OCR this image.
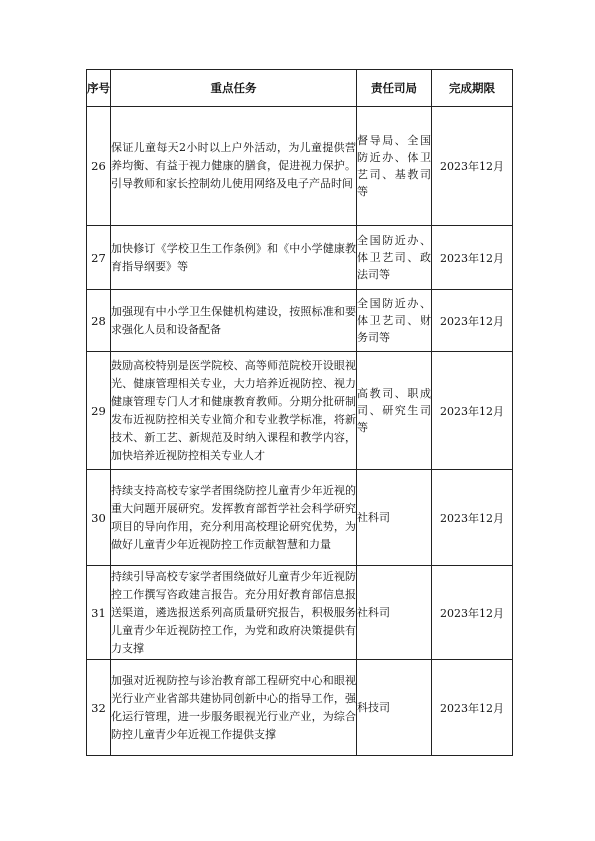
序号	重点任务	责任司局	完成期限
26	保证儿童每天2小时以上户外活动，为儿童提供营养均衡、有益于视力健康的膳食，促进视力保护。引导教师和家长控制幼儿使用网络及电子产品时间	督导局、全国防近办、体卫艺司、基教司等	2023年12月
27	加快修订《学校卫生工作条例》和《中小学健康教育指导纲要》等	全国防近办、体卫艺司、政法司等	2023年12月
28	加强现有中小学卫生保健机构建设，按照标准和要求强化人员和设备配备	全国防近办、体卫艺司、财务司等	2023年12月
29	鼓励高校特别是医学院校、高等师范院校开设眼视光、健康管理相关专业，大力培养近视防控、视力健康管理专门人才和健康教育教师。分期分批研制发布近视防控相关专业简介和专业教学标准，将新技术、新工艺、新规范及时纳入课程和教学内容，加快培养近视防控相关专业人才	高教司、职成司、研究生司等	2023年12月
30	持续支持高校专家学者围绕防控儿童青少年近视的重大问题开展研究。发挥教育部哲学社会科学研究项目的导向作用，充分利用高校理论研究优势，为做好儿童青少年近视防控工作贡献智慧和力量	社科司	2023年12月
31	持续引导高校专家学者围绕做好儿童青少年近视防控工作撰写咨政建言报告。充分用好教育部信息报送渠道，遴选报送系列高质量研究报告，积极服务儿童青少年近视防控工作，为党和政府决策提供有力支撑	社科司	2023年12月
32	加强对近视防控与诊治教育部工程研究中心和眼视光行业产业省部共建协同创新中心的指导工作，强化运行管理，进一步服务眼视光行业产业，为综合防控儿童青少年近视工作提供支撑	科技司	2023年12月
